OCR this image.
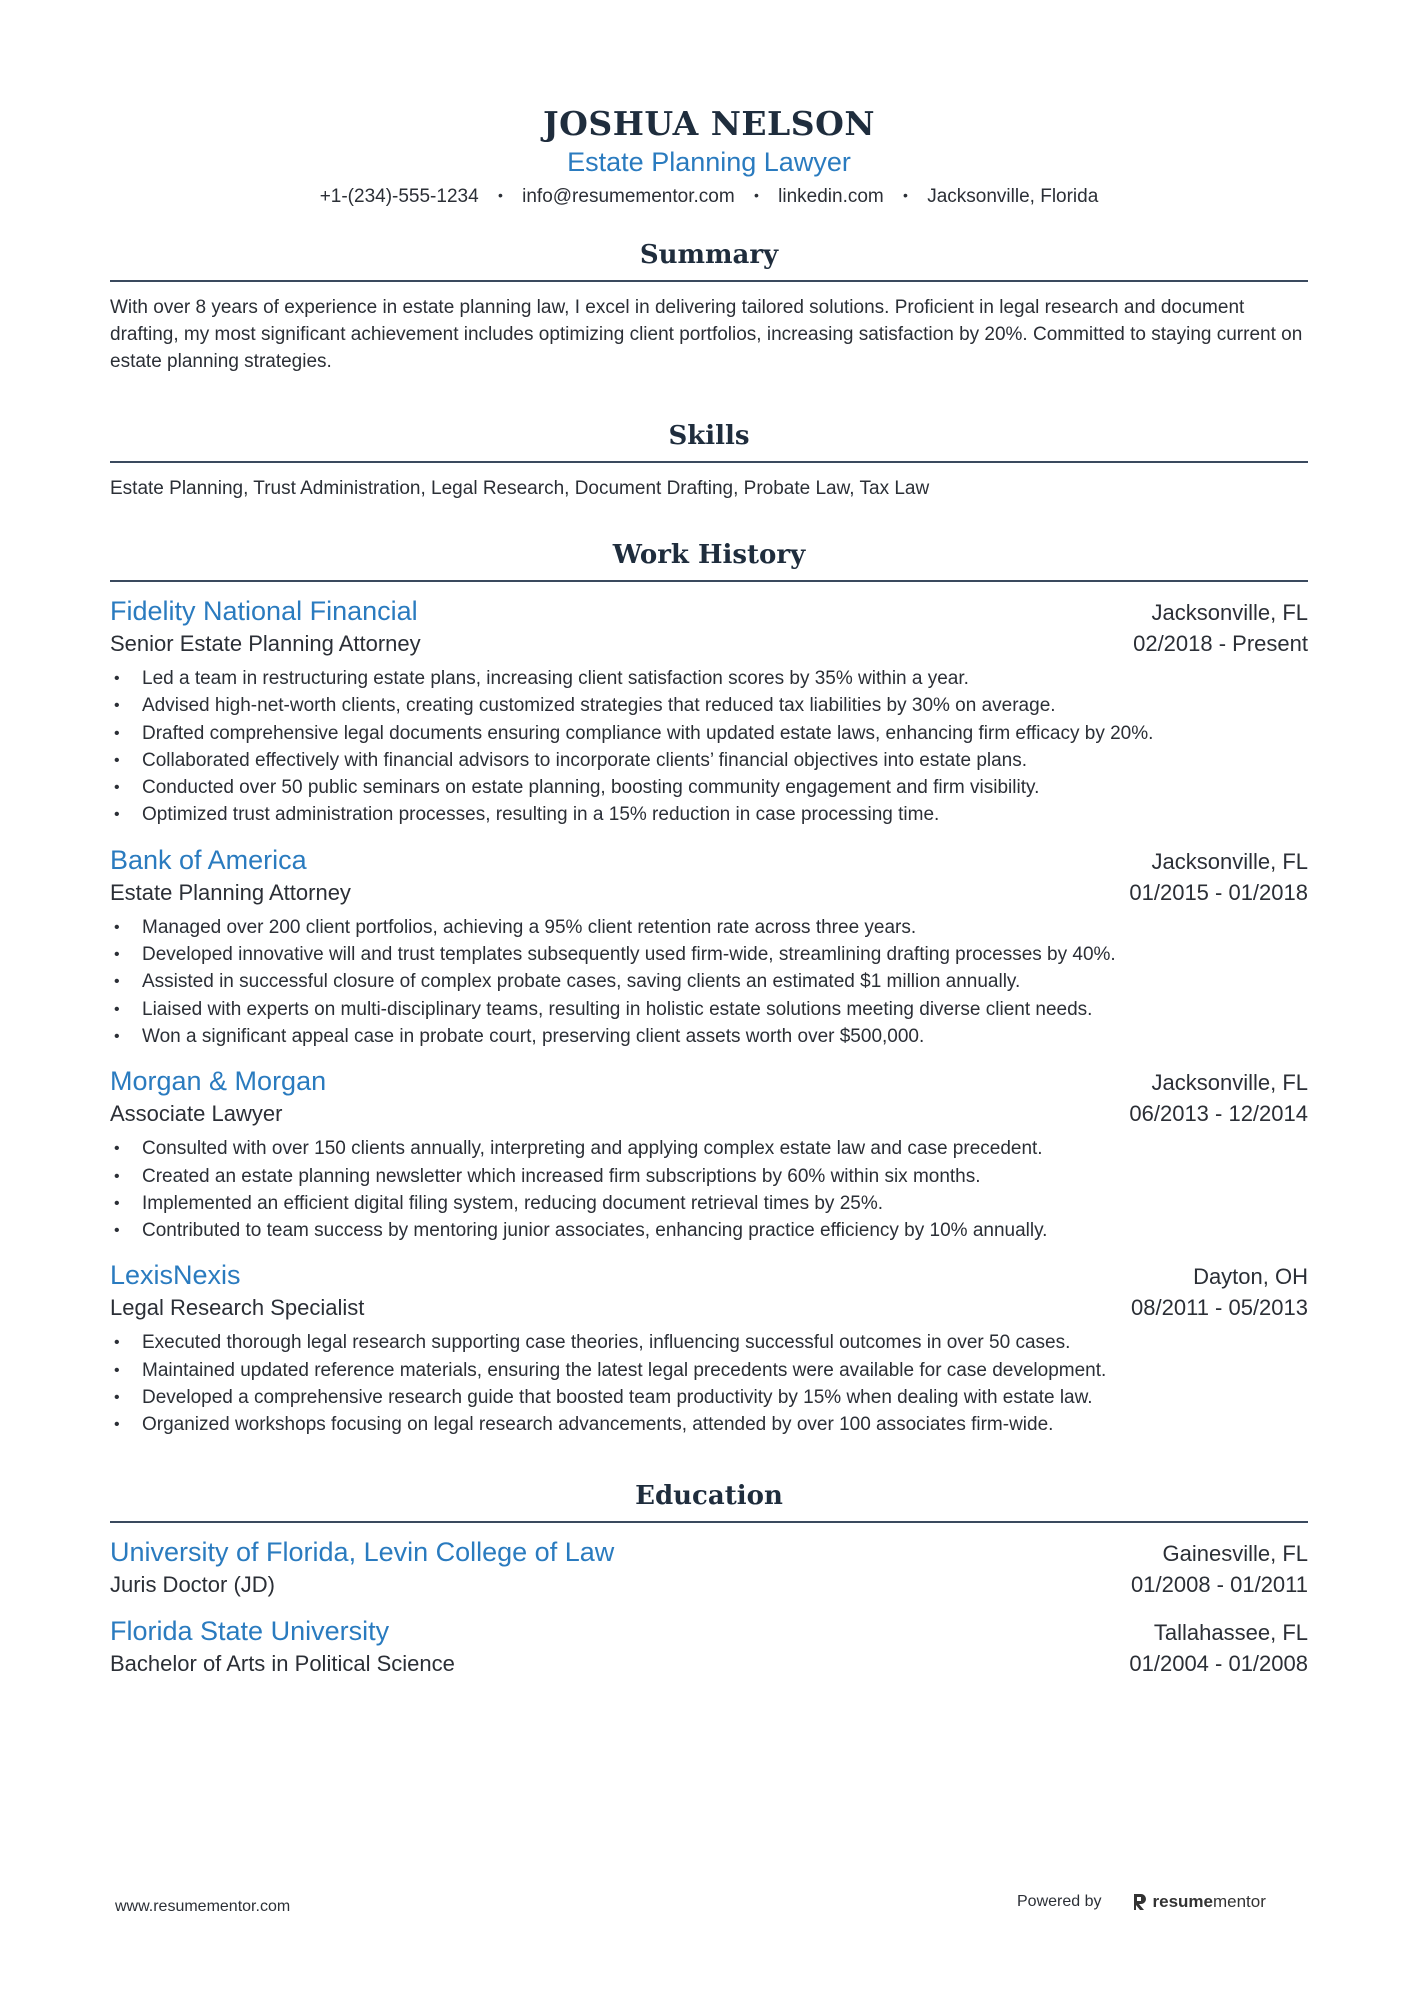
JOSHUA NELSON
Estate Planning Lawyer
+1-(234)-555-1234 • info@resumementor.com • linkedin.com • Jacksonville, Florida
Summary
With over 8 years of experience in estate planning law, I excel in delivering tailored solutions. Proficient in legal research and document drafting, my most significant achievement includes optimizing client portfolios, increasing satisfaction by 20%. Committed to staying current on estate planning strategies.
Skills
Estate Planning, Trust Administration, Legal Research, Document Drafting, Probate Law, Tax Law
Work History
Fidelity National Financial	Jacksonville, FL
Senior Estate Planning Attorney	02/2018 - Present
• Led a team in restructuring estate plans, increasing client satisfaction scores by 35% within a year.
• Advised high-net-worth clients, creating customized strategies that reduced tax liabilities by 30% on average.
• Drafted comprehensive legal documents ensuring compliance with updated estate laws, enhancing firm efficacy by 20%.
• Collaborated effectively with financial advisors to incorporate clients’ financial objectives into estate plans.
• Conducted over 50 public seminars on estate planning, boosting community engagement and firm visibility.
• Optimized trust administration processes, resulting in a 15% reduction in case processing time.
Bank of America	Jacksonville, FL
Estate Planning Attorney	01/2015 - 01/2018
• Managed over 200 client portfolios, achieving a 95% client retention rate across three years.
• Developed innovative will and trust templates subsequently used firm-wide, streamlining drafting processes by 40%.
• Assisted in successful closure of complex probate cases, saving clients an estimated $1 million annually.
• Liaised with experts on multi-disciplinary teams, resulting in holistic estate solutions meeting diverse client needs.
• Won a significant appeal case in probate court, preserving client assets worth over $500,000.
Morgan & Morgan	Jacksonville, FL
Associate Lawyer	06/2013 - 12/2014
• Consulted with over 150 clients annually, interpreting and applying complex estate law and case precedent.
• Created an estate planning newsletter which increased firm subscriptions by 60% within six months.
• Implemented an efficient digital filing system, reducing document retrieval times by 25%.
• Contributed to team success by mentoring junior associates, enhancing practice efficiency by 10% annually.
LexisNexis	Dayton, OH
Legal Research Specialist	08/2011 - 05/2013
• Executed thorough legal research supporting case theories, influencing successful outcomes in over 50 cases.
• Maintained updated reference materials, ensuring the latest legal precedents were available for case development.
• Developed a comprehensive research guide that boosted team productivity by 15% when dealing with estate law.
• Organized workshops focusing on legal research advancements, attended by over 100 associates firm-wide.
Education
University of Florida, Levin College of Law	Gainesville, FL
Juris Doctor (JD)	01/2008 - 01/2011
Florida State University	Tallahassee, FL
Bachelor of Arts in Political Science	01/2004 - 01/2008
www.resumementor.com	Powered by	resume mentor
